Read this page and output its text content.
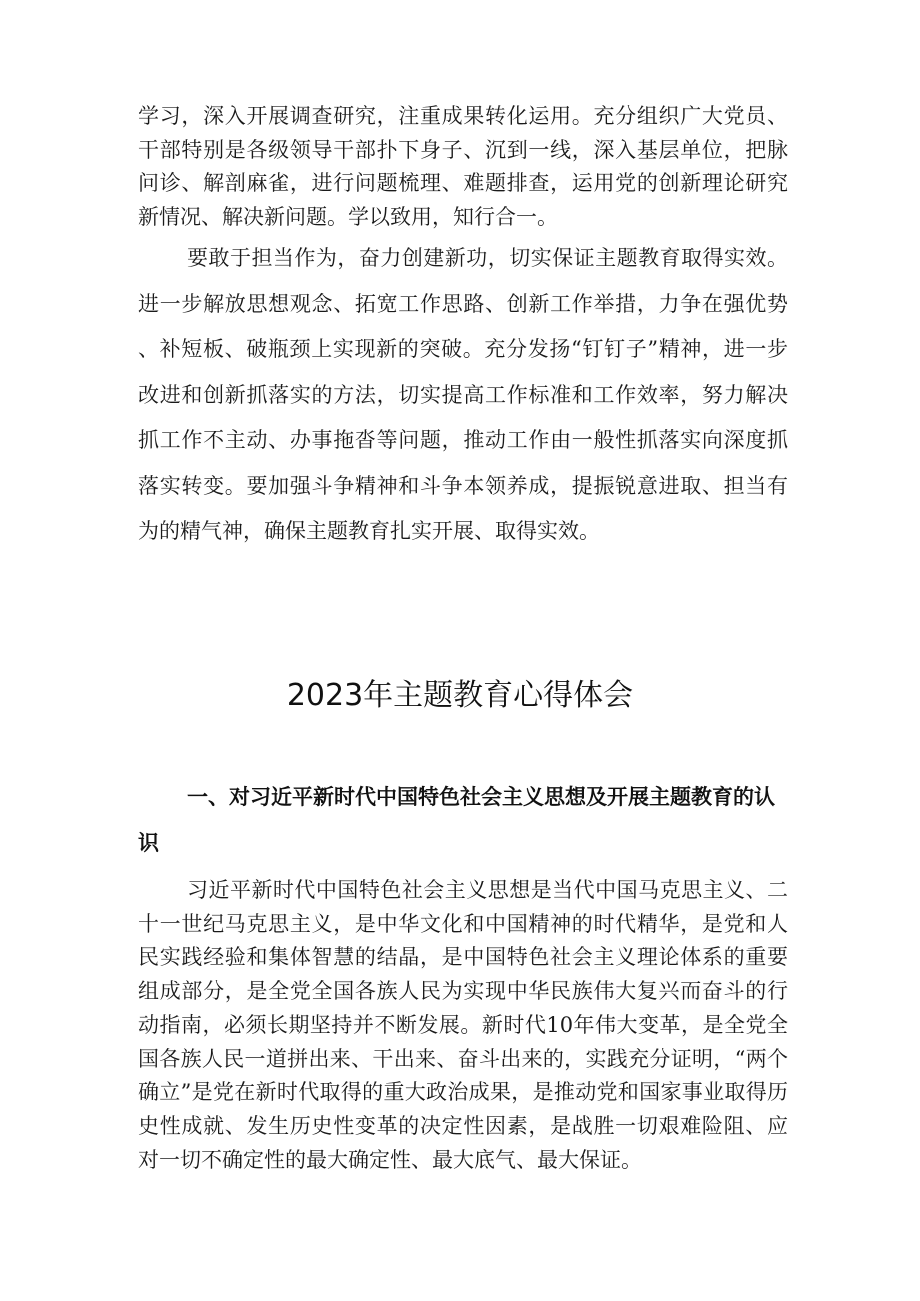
学习，深入开展调查研究，注重成果转化运用。充分组织广大党员、干部特别是各级领导干部扑下身子、沉到一线，深入基层单位，把脉问诊、解剖麻雀，进行问题梳理、难题排查，运用党的创新理论研究新情况、解决新问题。学以致用，知行合一。

要敢于担当作为，奋力创建新功，切实保证主题教育取得实效。进一步解放思想观念、拓宽工作思路、创新工作举措，力争在强优势、补短板、破瓶颈上实现新的突破。充分发扬“钉钉子”精神，进一步改进和创新抓落实的方法，切实提高工作标准和工作效率，努力解决抓工作不主动、办事拖沓等问题，推动工作由一般性抓落实向深度抓落实转变。要加强斗争精神和斗争本领养成，提振锐意进取、担当有为的精气神，确保主题教育扎实开展、取得实效。

2023年主题教育心得体会
一、对习近平新时代中国特色社会主义思想及开展主题教育的认识

习近平新时代中国特色社会主义思想是当代中国马克思主义、二十一世纪马克思主义，是中华文化和中国精神的时代精华，是党和人民实践经验和集体智慧的结晶，是中国特色社会主义理论体系的重要组成部分，是全党全国各族人民为实现中华民族伟大复兴而奋斗的行动指南，必须长期坚持并不断发展。新时代10年伟大变革，是全党全国各族人民一道拼出来、干出来、奋斗出来的，实践充分证明，“两个确立”是党在新时代取得的重大政治成果，是推动党和国家事业取得历史性成就、发生历史性变革的决定性因素，是战胜一切艰难险阻、应对一切不确定性的最大确定性、最大底气、最大保证。
